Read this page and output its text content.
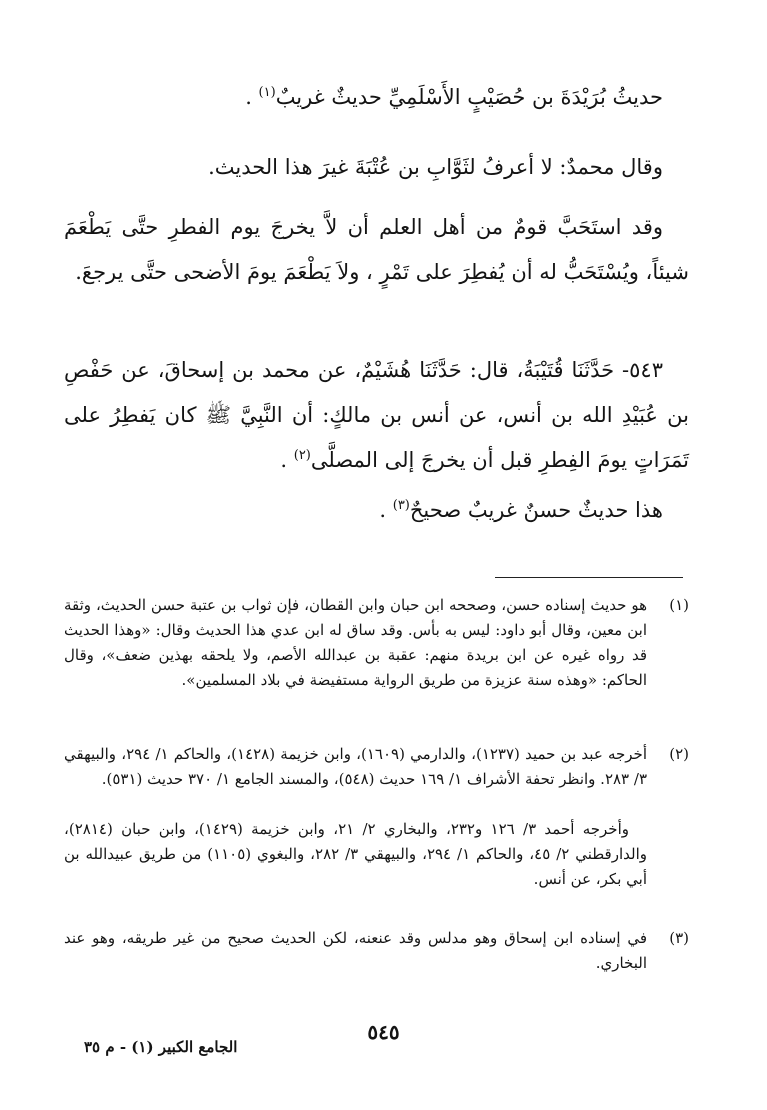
حديثُ بُرَيْدَةَ بن حُصَيْبٍ الأَسْلَمِيِّ حديثٌ غريبٌ$^{(١)}$ .
وقال محمدٌ: لا أعرفُ لثَوَّابِ بن عُتْبَةَ غيرَ هذا الحديث.
وقد استَحَبَّ قومٌ من أهل العلم أن لاَّ يخرجَ يوم الفطرِ حتَّى يَطْعَمَ شيئاً، ويُسْتَحَبُّ له أن يُفطِرَ على تَمْرٍ ، ولاَ يَطْعَمَ يومَ الأضحى حتَّى يرجعَ.
٥٤٣- حَدَّثَنَا قُتَيْبَةُ، قال: حَدَّثَنَا هُشَيْمٌ، عن محمد بن إسحاقَ، عن حَفْصِ بن عُبَيْدِ الله بن أنس، عن أنس بن مالكٍ: أن النَّبِيَّ ﷺ كان يَفطِرُ على تَمَرَاتٍ يومَ الفِطرِ قبل أن يخرجَ إلى المصلَّى$^{(٢)}$ .
هذا حديثٌ حسنٌ غريبٌ صحيحٌ$^{(٣)}$ .
(١)
هو حديث إسناده حسن، وصححه ابن حبان وابن القطان، فإن ثواب بن عتبة حسن الحديث، وثقة ابن معين، وقال أبو داود: ليس به بأس. وقد ساق له ابن عدي هذا الحديث وقال: «وهذا الحديث قد رواه غيره عن ابن بريدة منهم: عقبة بن عبدالله الأصم، ولا يلحقه بهذين ضعف»، وقال الحاكم: «وهذه سنة عزيزة من طريق الرواية مستفيضة في بلاد المسلمين».
(٢)
أخرجه عبد بن حميد (١٢٣٧)، والدارمي (١٦٠٩)، وابن خزيمة (١٤٢٨)، والحاكم ١/ ٢٩٤، والبيهقي ٣/ ٢٨٣. وانظر تحفة الأشراف ١/ ١٦٩ حديث (٥٤٨)، والمسند الجامع ١/ ٣٧٠ حديث (٥٣١).
وأخرجه أحمد ٣/ ١٢٦ و٢٣٢، والبخاري ٢/ ٢١، وابن خزيمة (١٤٢٩)، وابن حبان (٢٨١٤)، والدارقطني ٢/ ٤٥، والحاكم ١/ ٢٩٤، والبيهقي ٣/ ٢٨٢، والبغوي (١١٠٥) من طريق عبيدالله بن أبي بكر، عن أنس.
(٣)
في إسناده ابن إسحاق وهو مدلس وقد عنعنه، لكن الحديث صحيح من غير طريقه، وهو عند البخاري.
٥٤٥
الجامع الكبير (١) - م ٣٥
